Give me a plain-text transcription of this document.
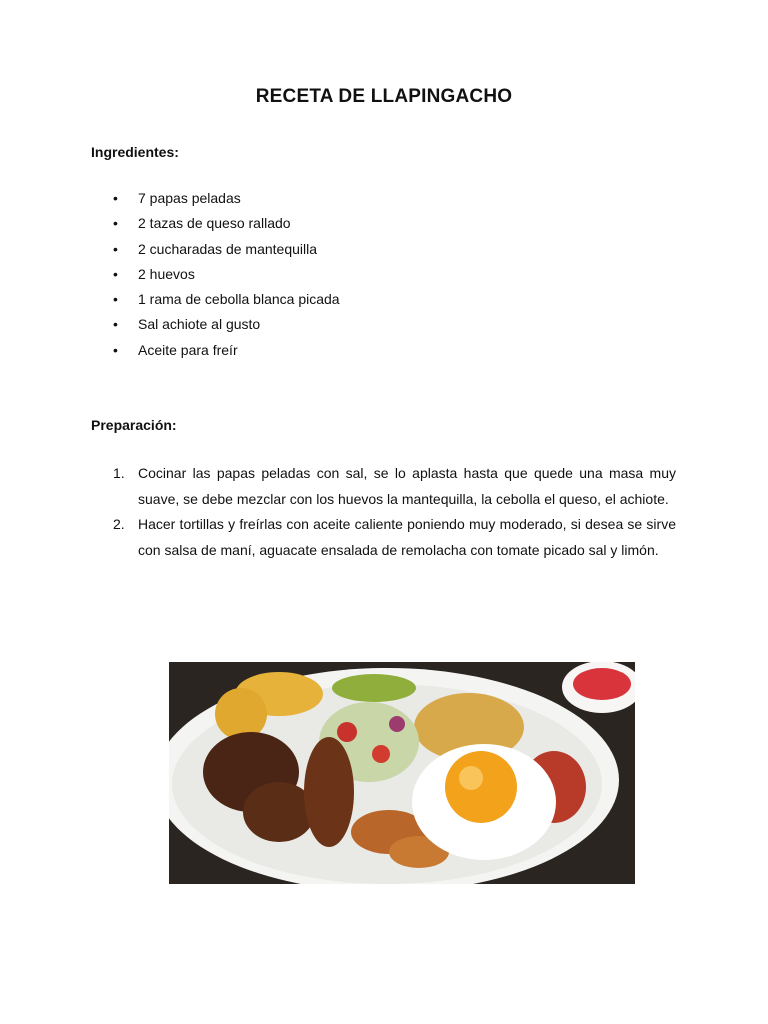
RECETA DE LLAPINGACHO
Ingredientes:
• 7 papas peladas
• 2 tazas de queso rallado
• 2 cucharadas de mantequilla
• 2 huevos
• 1 rama de cebolla blanca picada
• Sal achiote al gusto
• Aceite para freír
Preparación:
1. Cocinar las papas peladas con sal, se lo aplasta hasta que quede una masa muy suave, se debe mezclar con los huevos la mantequilla, la cebolla el queso, el achiote.
2. Hacer tortillas y freírlas con aceite caliente poniendo muy moderado, si desea se sirve con salsa de maní, aguacate ensalada de remolacha con tomate picado sal y limón.
